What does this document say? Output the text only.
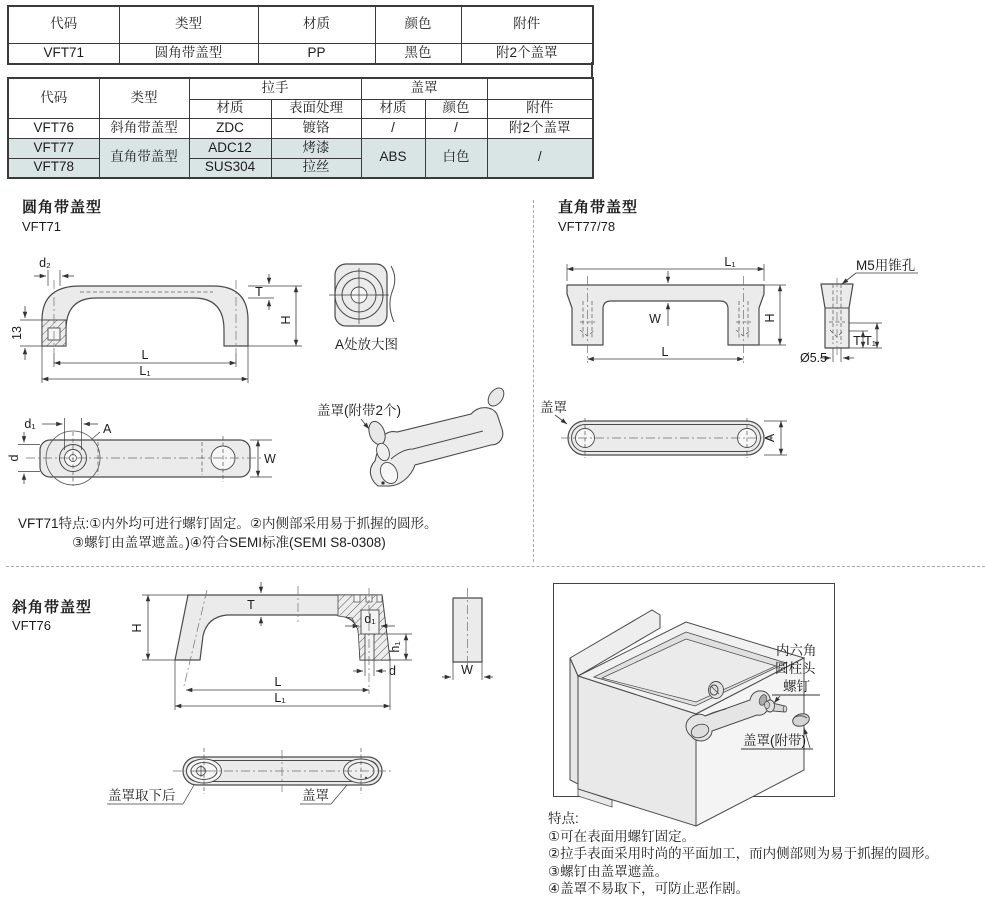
代码	类型	材质	颜色	附件
VFT71	圆角带盖型	PP	黑色	附2个盖罩
代码	类型	拉手		盖罩		
		材质	表面处理	材质	颜色	附件
VFT76	斜角带盖型	ZDC	镀铬	/	/	附2个盖罩
VFT77	直角带盖型	ADC12	烤漆	ABS	白色	/
VFT78		SUS304	拉丝			
圆角带盖型
VFT71
直角带盖型
VFT77/78
斜角带盖型
VFT76
d₂
T
H
13
L
L₁
A处放大图
A
d₁
d	W
盖罩(附带2个)
VFT71特点:①内外均可进行螺钉固定。②内侧部采用易于抓握的圆形。
③螺钉由盖罩遮盖。)④符合SEMI标准(SEMI S8-0308)
L₁
W	H
L
M5用锥孔
T T₁
Ø5.5
盖罩
A
T
H
d₁
h₁
d
L
L₁
W
盖罩取下后	盖罩
内六角
圆柱头
螺钉
盖罩(附带)
特点:
①可在表面用螺钉固定。
②拉手表面采用时尚的平面加工，而内侧部则为易于抓握的圆形。
③螺钉由盖罩遮盖。
④盖罩不易取下，可防止恶作剧。
